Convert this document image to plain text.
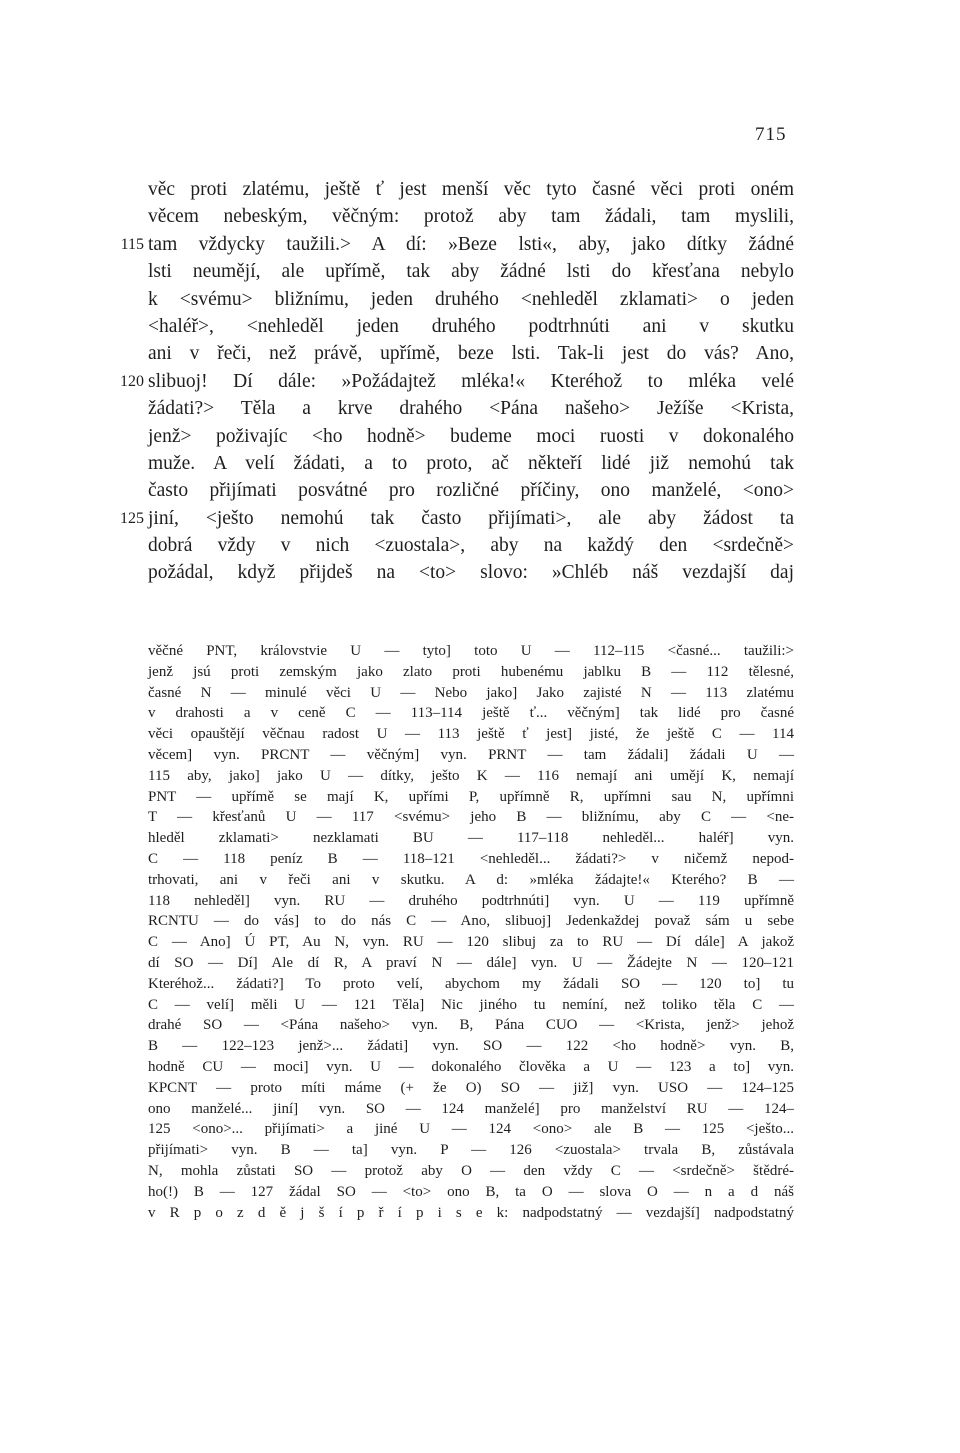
715
věc proti zlatému, ještě ť jest menší věc tyto časné věci proti oném
věcem nebeským, věčným: protož aby tam žádali, tam myslili,
115 tam vždycky taužili.> A dí: »Beze lsti«, aby, jako dítky žádné
lsti neumějí, ale upřímě, tak aby žádné lsti do křesťana nebylo
k <svému> bližnímu, jeden druhého <nehleděl zklamati> o jeden
<haléř>, <nehleděl jeden druhého podtrhnúti ani v skutku
ani v řeči, než právě, upřímě, beze lsti. Tak-li jest do vás? Ano,
120 slibuoj! Dí dále: »Požádajtež mléka!« Kteréhož to mléka velé
žádati?> Těla a krve drahého <Pána našeho> Ježíše <Krista,
jenž> poživajíc <ho hodně> budeme moci ruosti v dokonalého
muže. A velí žádati, a to proto, ač někteří lidé již nemohú tak
často přijímati posvátné pro rozličné příčiny, ono manželé, <ono>
125 jiní, <ješto nemohú tak často přijímati>, ale aby žádost ta
dobrá vždy v nich <zuostala>, aby na každý den <srdečně>
požádal, když přijdeš na <to> slovo: »Chléb náš vezdajší daj
věčné PNT, královstvie U — tyto] toto U — 112–115 <časné... taužili:>
jenž jsú proti zemským jako zlato proti hubenému jablku B — 112 tělesné,
časné N — minulé věci U — Nebo jako] Jako zajisté N — 113 zlatému
v drahosti a v ceně C — 113–114 ještě ť... věčným] tak lidé pro časné
věci opauštějí věčnau radost U — 113 ještě ť jest] jisté, že ještě C — 114
věcem] vyn. PRCNT — věčným] vyn. PRNT — tam žádali] žádali U —
115 aby, jako] jako U — dítky, ješto K — 116 nemají ani umějí K, nemají
PNT — upřímě se mají K, upřími P, upřímně R, upřímni sau N, upřímni
T — křesťanů U — 117 <svému> jeho B — bližnímu, aby C — <ne-
hleděl zklamati> nezklamati BU — 117–118 nehleděl... haléř] vyn.
C — 118 peníz B — 118–121 <nehleděl... žádati?> v ničemž nepod-
trhovati, ani v řeči ani v skutku. A d: »mléka žádajte!« Kterého? B —
118 nehleděl] vyn. RU — druhého podtrhnúti] vyn. U — 119 upřímně
RCNTU — do vás] to do nás C — Ano, slibuoj] Jedenkaždej považ sám u sebe
C — Ano] Ú PT, Au N, vyn. RU — 120 slibuj za to RU — Dí dále] A jakož
dí SO — Dí] Ale dí R, A praví N — dále] vyn. U — Žádejte N — 120–121
Kteréhož... žádati?] To proto velí, abychom my žádali SO — 120 to] tu
C — velí] měli U — 121 Těla] Nic jiného tu nemíní, než toliko těla C —
drahé SO — <Pána našeho> vyn. B, Pána CUO — <Krista, jenž> jehož
B — 122–123 jenž>... žádati] vyn. SO — 122 <ho hodně> vyn. B,
hodně CU — moci] vyn. U — dokonalého člověka a U — 123 a to] vyn.
KPCNT — proto míti máme (+ že O) SO — již] vyn. USO — 124–125
ono manželé... jiní] vyn. SO — 124 manželé] pro manželství RU — 124–
125 <ono>... přijímati> a jiné U — 124 <ono> ale B — 125 <ješto...
přijímati> vyn. B — ta] vyn. P — 126 <zuostala> trvala B, zůstávala
N, mohla zůstati SO — protož aby O — den vždy C — <srdečně> štědré-
ho(!) B — 127 žádal SO — <to> ono B, ta O — slova O — n a d náš
v R p o z d ě j š í p ř í p i s e k: nadpodstatný — vezdajší] nadpodstatný
